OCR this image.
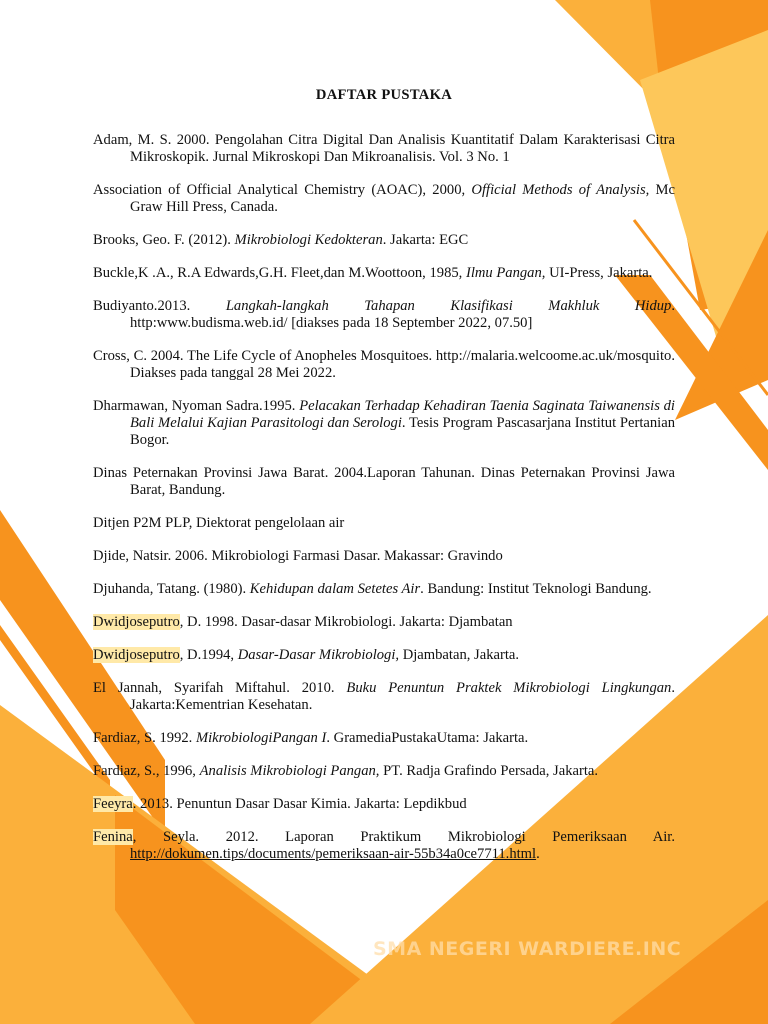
DAFTAR PUSTAKA

Adam, M. S. 2000. Pengolahan Citra Digital Dan Analisis Kuantitatif Dalam Karakterisasi Citra Mikroskopik. Jurnal Mikroskopi Dan Mikroanalisis. Vol. 3 No. 1

Association of Official Analytical Chemistry (AOAC), 2000, Official Methods of Analysis, Mc Graw Hill Press, Canada.

Brooks, Geo. F. (2012). Mikrobiologi Kedokteran. Jakarta: EGC

Buckle,K .A., R.A Edwards,G.H. Fleet,dan M.Woottoon, 1985, Ilmu Pangan, UI-Press, Jakarta.

Budiyanto.2013. Langkah-langkah Tahapan Klasifikasi Makhluk Hidup. http:www.budisma.web.id/ [diakses pada 18 September 2022, 07.50]

Cross, C. 2004. The Life Cycle of Anopheles Mosquitoes. http://malaria.welcoome.ac.uk/mosquito. Diakses pada tanggal 28 Mei 2022.

Dharmawan, Nyoman Sadra.1995. Pelacakan Terhadap Kehadiran Taenia Saginata Taiwanensis di Bali Melalui Kajian Parasitologi dan Serologi. Tesis Program Pascasarjana Institut Pertanian Bogor.

Dinas Peternakan Provinsi Jawa Barat. 2004.Laporan Tahunan. Dinas Peternakan Provinsi Jawa Barat, Bandung.

Ditjen P2M PLP, Diektorat pengelolaan air

Djide, Natsir. 2006. Mikrobiologi Farmasi Dasar. Makassar: Gravindo

Djuhanda, Tatang. (1980). Kehidupan dalam Setetes Air. Bandung: Institut Teknologi Bandung.

Dwidjoseputro, D. 1998. Dasar-dasar Mikrobiologi. Jakarta: Djambatan

Dwidjoseputro, D.1994, Dasar-Dasar Mikrobiologi, Djambatan, Jakarta.

El Jannah, Syarifah Miftahul. 2010. Buku Penuntun Praktek Mikrobiologi Lingkungan. Jakarta:Kementrian Kesehatan.

Fardiaz, S. 1992. MikrobiologiPangan I. GramediaPustakaUtama: Jakarta.

Fardiaz, S., 1996, Analisis Mikrobiologi Pangan, PT. Radja Grafindo Persada, Jakarta.

Feeyra. 2013. Penuntun Dasar Dasar Kimia. Jakarta: Lepdikbud

Fenina, Seyla. 2012. Laporan Praktikum Mikrobiologi Pemeriksaan Air. http://dokumen.tips/documents/pemeriksaan-air-55b34a0ce7711.html.

SMA NEGERI WARDIERE.INC
